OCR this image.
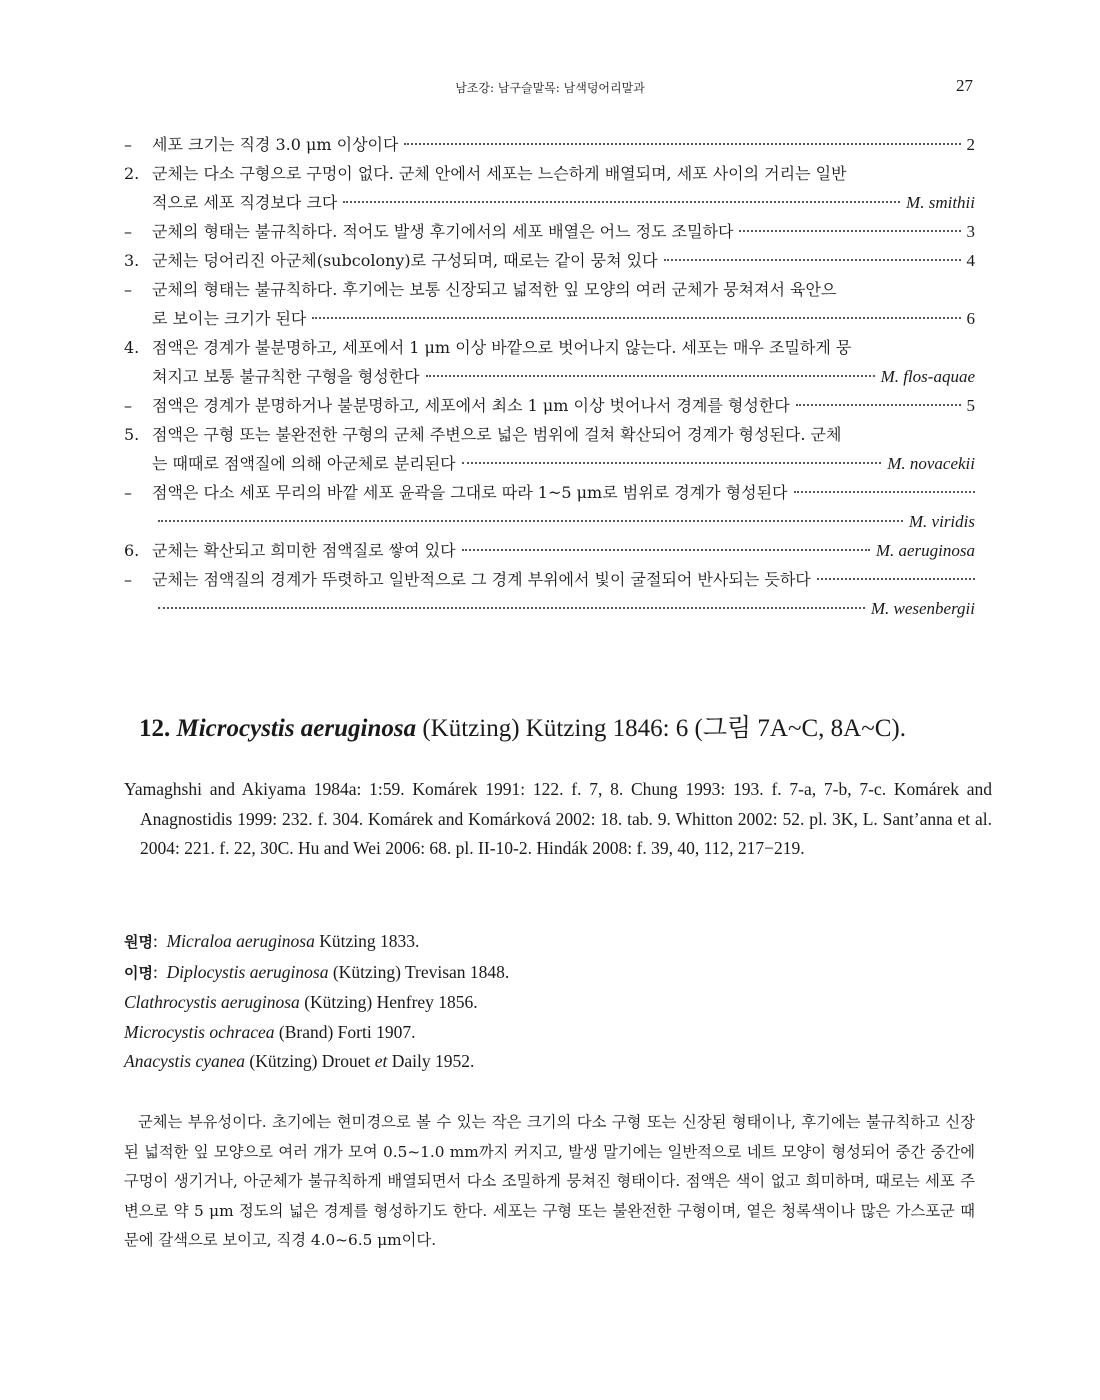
남조강: 남구슬말목: 남색덩어리말과	27
–	세포 크기는 직경 3.0 μm 이상이다	2
2. 군체는 다소 구형으로 구멍이 없다. 군체 안에서 세포는 느슨하게 배열되며, 세포 사이의 거리는 일반
적으로 세포 직경보다 크다	M. smithii
–	군체의 형태는 불규칙하다. 적어도 발생 후기에서의 세포 배열은 어느 정도 조밀하다	3
3. 군체는 덩어리진 아군체(subcolony)로 구성되며, 때로는 같이 뭉쳐 있다	4
–	군체의 형태는 불규칙하다. 후기에는 보통 신장되고 넓적한 잎 모양의 여러 군체가 뭉쳐져서 육안으
로 보이는 크기가 된다	6
4. 점액은 경계가 불분명하고, 세포에서 1 μm 이상 바깥으로 벗어나지 않는다. 세포는 매우 조밀하게 뭉
쳐지고 보통 불규칙한 구형을 형성한다	M. flos-aquae
–	점액은 경계가 분명하거나 불분명하고, 세포에서 최소 1 μm 이상 벗어나서 경계를 형성한다	5
5. 점액은 구형 또는 불완전한 구형의 군체 주변으로 넓은 범위에 걸쳐 확산되어 경계가 형성된다. 군체
는 때때로 점액질에 의해 아군체로 분리된다	M. novacekii
–	점액은 다소 세포 무리의 바깥 세포 윤곽을 그대로 따라 1~5 μm로 범위로 경계가 형성된다
M. viridis
6. 군체는 확산되고 희미한 점액질로 쌓여 있다	M. aeruginosa
–	군체는 점액질의 경계가 뚜렷하고 일반적으로 그 경계 부위에서 빛이 굴절되어 반사되는 듯하다
M. wesenbergii
12. Microcystis aeruginosa (Kützing) Kützing 1846: 6 (그림 7A~C, 8A~C).
Yamaghshi and Akiyama 1984a: 1:59. Komárek 1991: 122. f. 7, 8. Chung 1993: 193. f. 7-a, 7-b, 7-c. Komárek and Anagnostidis 1999: 232. f. 304. Komárek and Komárková 2002: 18. tab. 9. Whitton 2002: 52. pl. 3K, L. Sant’anna et al. 2004: 221. f. 22, 30C. Hu and Wei 2006: 68. pl. II-10-2. Hindák 2008: f. 39, 40, 112, 217−219.
원명:  Micraloa aeruginosa Kützing 1833.
이명:  Diplocystis aeruginosa (Kützing) Trevisan 1848.
Clathrocystis aeruginosa (Kützing) Henfrey 1856.
Microcystis ochracea (Brand) Forti 1907.
Anacystis cyanea (Kützing) Drouet et Daily 1952.
군체는 부유성이다. 초기에는 현미경으로 볼 수 있는 작은 크기의 다소 구형 또는 신장된 형태이나, 후기에는 불규칙하고 신장된 넓적한 잎 모양으로 여러 개가 모여 0.5~1.0 mm까지 커지고, 발생 말기에는 일반적으로 네트 모양이 형성되어 중간 중간에 구멍이 생기거나, 아군체가 불규칙하게 배열되면서 다소 조밀하게 뭉쳐진 형태이다. 점액은 색이 없고 희미하며, 때로는 세포 주변으로 약 5 μm 정도의 넓은 경계를 형성하기도 한다. 세포는 구형 또는 불완전한 구형이며, 옅은 청록색이나 많은 가스포군 때문에 갈색으로 보이고, 직경 4.0~6.5 μm이다.
